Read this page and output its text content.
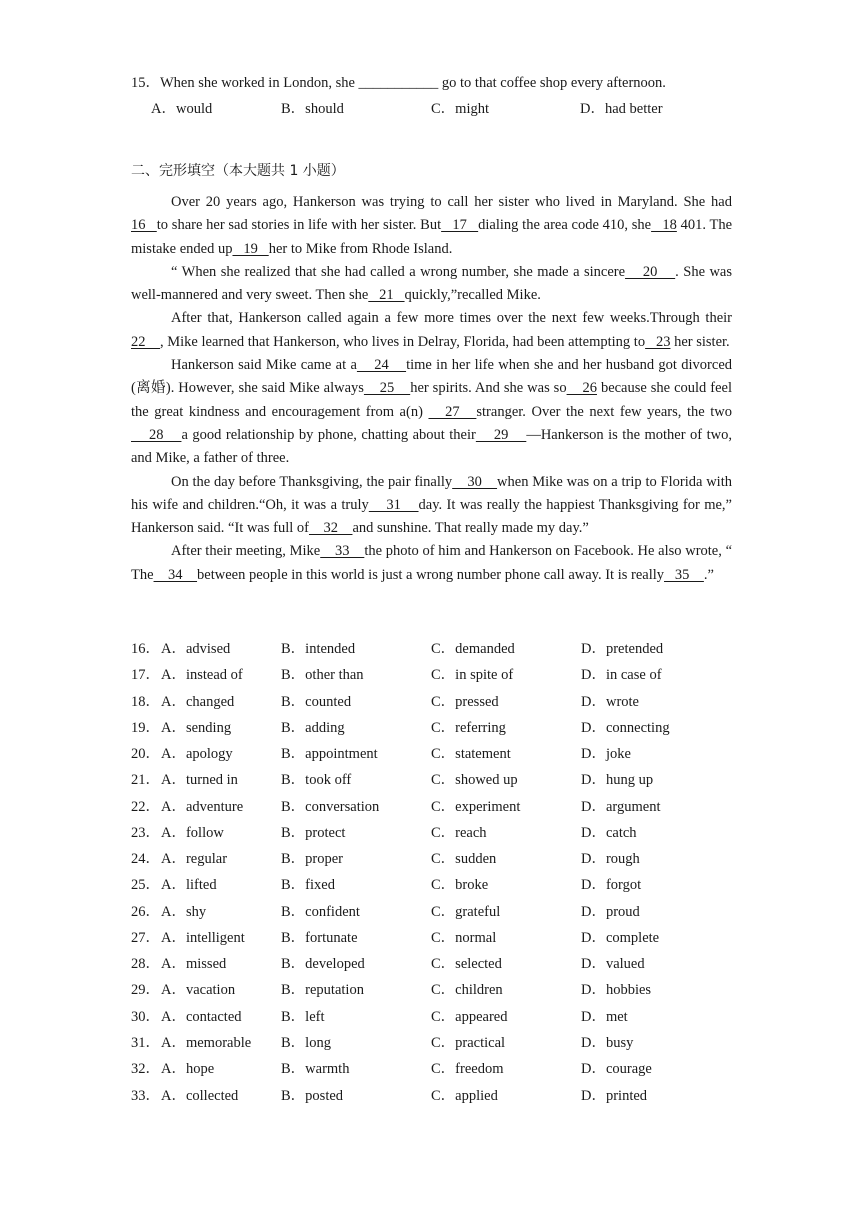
15．When she worked in London, she ___________ go to that coffee shop every afternoon.
A．would	B．should	C．might	D．had better
二、完形填空（本大题共 1 小题）

Over 20 years ago, Hankerson was trying to call her sister who lived in Maryland. She had 16   to share her sad stories in life with her sister. But   17   dialing the area code 410, she   18 401. The mistake ended up   19   her to Mike from Rhode Island.

“ When she realized that she had called a wrong number, she made a sincere    20    . She was well-mannered and very sweet. Then she   21   quickly,”recalled Mike.

After that, Hankerson called again a few more times over the next few weeks.Through their 22    , Mike learned that Hankerson, who lives in Delray, Florida, had been attempting to   23 her sister.

Hankerson said Mike came at a    24    time in her life when she and her husband got divorced (离婚). However, she said Mike always    25    her spirits. And she was so    26 because she could feel the great kindness and encouragement from a(n)    27   stranger. Over the next few years, the two    28    a good relationship by phone, chatting about their    29    —Hankerson is the mother of two, and Mike, a father of three.

On the day before Thanksgiving, the pair finally    30    when Mike was on a trip to Florida with his wife and children.“Oh, it was a truly    31    day. It was really the happiest Thanksgiving for me,” Hankerson said. “It was full of    32    and sunshine. That really made my day.”

After their meeting, Mike    33    the photo of him and Hankerson on Facebook. He also wrote, “ The    34    between people in this world is just a wrong number phone call away. It is really   35    .”

16． A．advised	B．intended	C．demanded	D．pretended
17． A．instead of	B．other than	C．in spite of	D．in case of
18． A．changed	B．counted	C．pressed	D．wrote
19． A．sending	B．adding	C．referring	D．connecting
20． A．apology	B．appointment	C．statement	D．joke
21． A．turned in	B．took off	C．showed up	D．hung up
22． A．adventure	B．conversation	C．experiment	D．argument
23． A．follow	B．protect	C．reach	D．catch
24． A．regular	B．proper	C．sudden	D．rough
25． A．lifted	B．fixed	C．broke	D．forgot
26． A．shy	B．confident	C．grateful	D．proud
27． A．intelligent B．fortunate	C．normal	D．complete
28． A．missed	B．developed	C．selected	D．valued
29． A．vacation	B．reputation	C．children	D．hobbies
30． A．contacted	B．left	C．appeared	D．met
31． A．memorable B．long	C．practical	D．busy
32． A．hope	B．warmth	C．freedom	D．courage
33． A．collected	B．posted	C．applied	D．printed
